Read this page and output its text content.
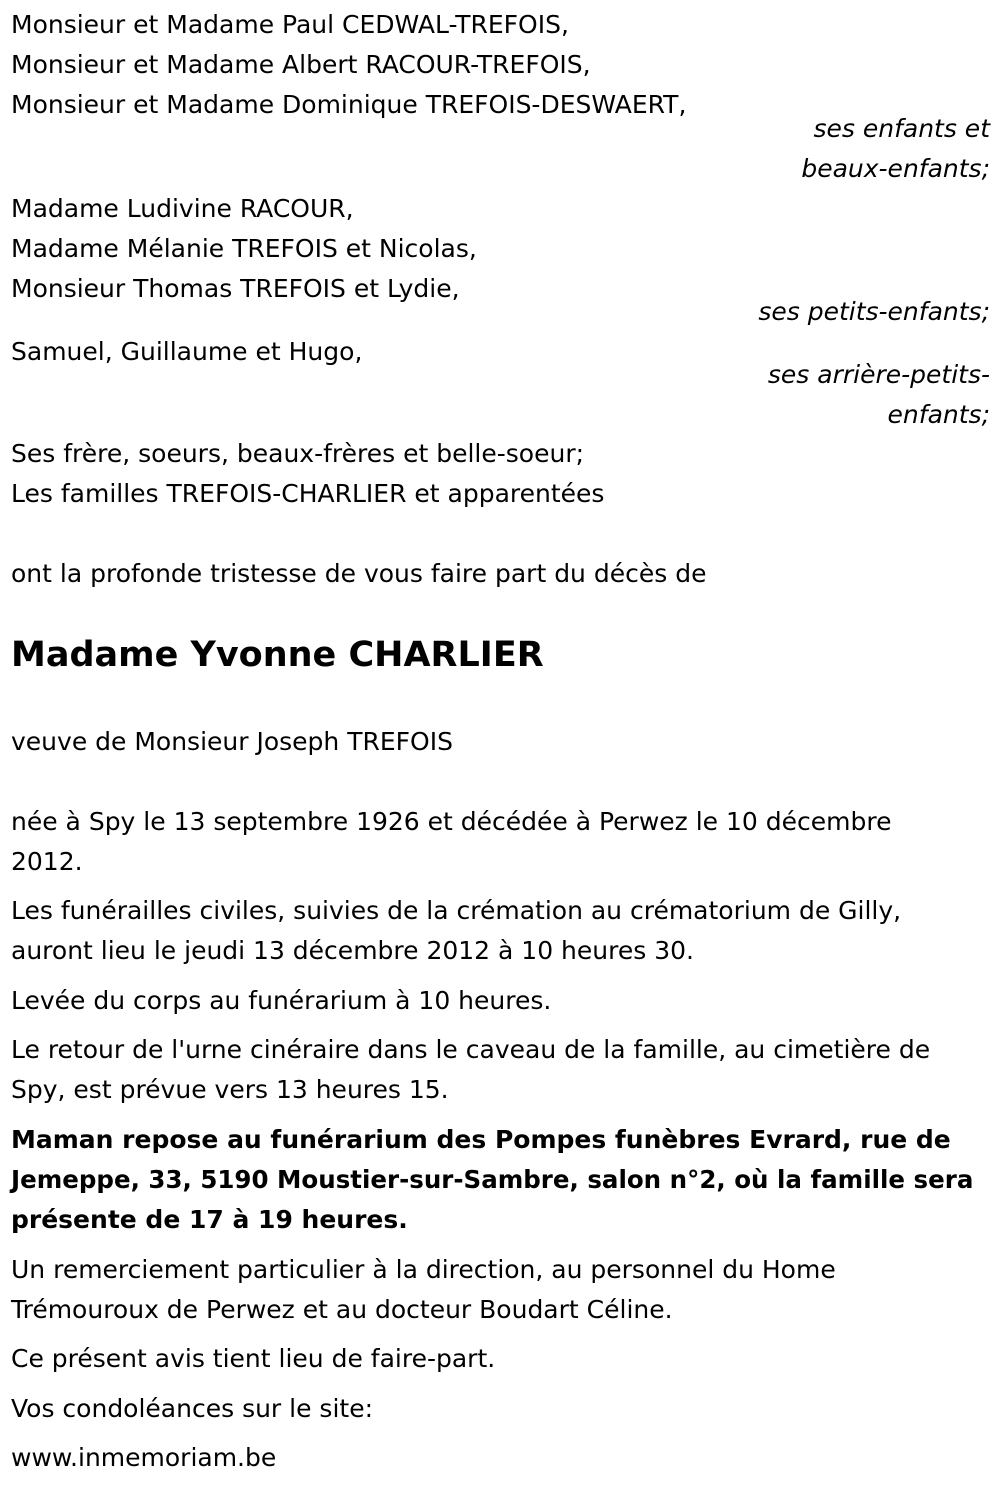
Monsieur et Madame Paul CEDWAL-TREFOIS,
Monsieur et Madame Albert RACOUR-TREFOIS,
Monsieur et Madame Dominique TREFOIS-DESWAERT,
ses enfants et
beaux-enfants;
Madame Ludivine RACOUR,
Madame Mélanie TREFOIS et Nicolas,
Monsieur Thomas TREFOIS et Lydie,
ses petits-enfants;
Samuel, Guillaume et Hugo,
ses arrière-petits-
enfants;
Ses frère, soeurs, beaux-frères et belle-soeur;
Les familles TREFOIS-CHARLIER et apparentées
ont la profonde tristesse de vous faire part du décès de
Madame Yvonne CHARLIER
veuve de Monsieur Joseph TREFOIS
née à Spy le 13 septembre 1926 et décédée à Perwez le 10 décembre
2012.
Les funérailles civiles, suivies de la crémation au crématorium de Gilly,
auront lieu le jeudi 13 décembre 2012 à 10 heures 30.
Levée du corps au funérarium à 10 heures.
Le retour de l'urne cinéraire dans le caveau de la famille, au cimetière de
Spy, est prévue vers 13 heures 15.
Maman repose au funérarium des Pompes funèbres Evrard, rue de
Jemeppe, 33, 5190 Moustier-sur-Sambre, salon n°2, où la famille sera
présente de 17 à 19 heures.
Un remerciement particulier à la direction, au personnel du Home
Trémouroux de Perwez et au docteur Boudart Céline.
Ce présent avis tient lieu de faire-part.
Vos condoléances sur le site:
www.inmemoriam.be
